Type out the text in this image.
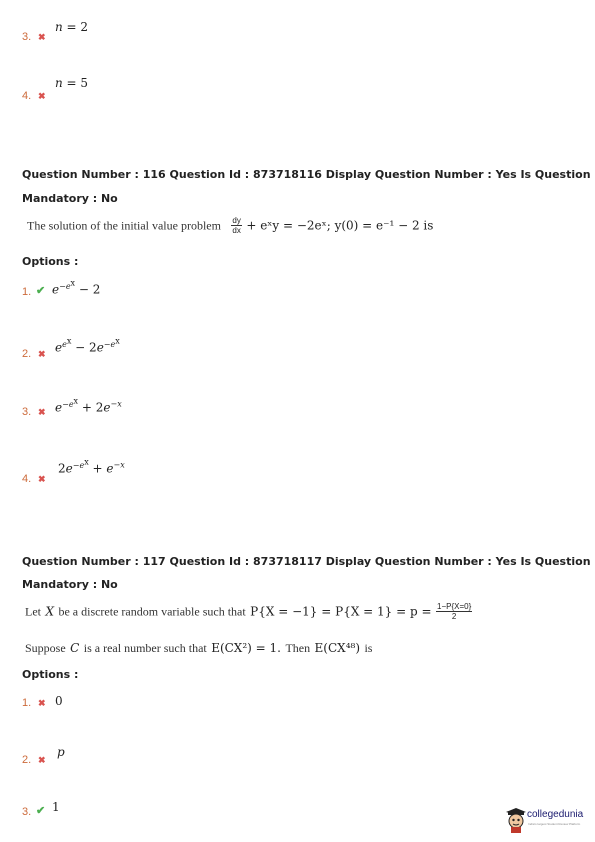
3. ✖
n = 2
4. ✖
n = 5
Question Number : 116 Question Id : 873718116 Display Question Number : Yes Is Question
Mandatory : No
The solution of the initial value problem $\frac{dy}{dx}$ + eˣy = −2eˣ; y(0) = e⁻¹ − 2 is
Options :
1. ✔ $e^{-e^x} - 2$
2. ✖ $e^{e^x} - 2e^{-e^x}$
3. ✖ $e^{-e^x} + 2e^{-x}$
4. ✖
$2e^{-e^x} + e^{-x}$
Question Number : 117 Question Id : 873718117 Display Question Number : Yes Is Question
Mandatory : No
Let X be a discrete random variable such that $P\{X = -1\} = P\{X = 1\} = p = \frac{1-P\{X=0\}}{2}$
Suppose C is a real number such that E(CX²) = 1. Then E(CX⁴⁸) is
Options :
1. ✖ 0
2. ✖
p
3. ✔ 1
collegedunia
India's largest Student Review Platform
